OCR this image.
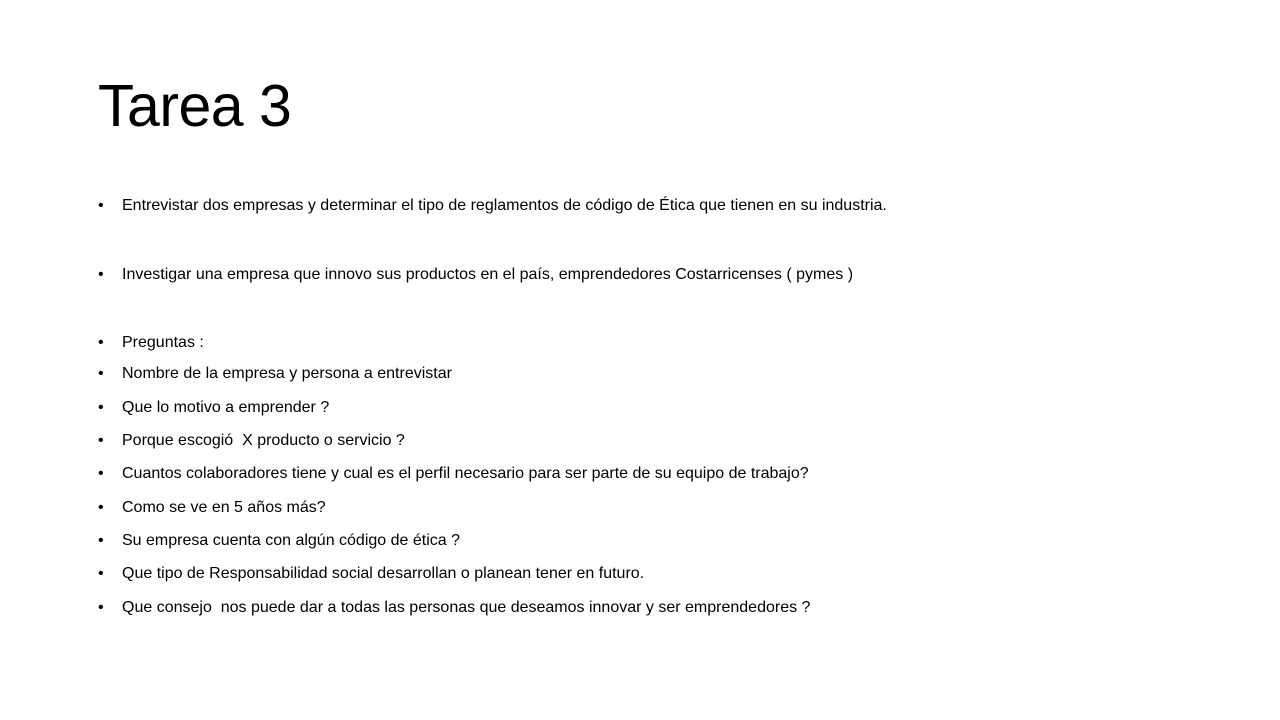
Tarea 3
•	Entrevistar dos empresas y determinar el tipo de reglamentos de código de Ética que tienen en su industria.
•	Investigar una empresa que innovo sus productos en el país, emprendedores Costarricenses ( pymes )
•	Preguntas :
•	Nombre de la empresa y persona a entrevistar
•	Que lo motivo a emprender ?
•	Porque escogió  X producto o servicio ?
•	Cuantos colaboradores tiene y cual es el perfil necesario para ser parte de su equipo de trabajo?
•	Como se ve en 5 años más?
•	Su empresa cuenta con algún código de ética ?
•	Que tipo de Responsabilidad social desarrollan o planean tener en futuro.
•	Que consejo  nos puede dar a todas las personas que deseamos innovar y ser emprendedores ?
